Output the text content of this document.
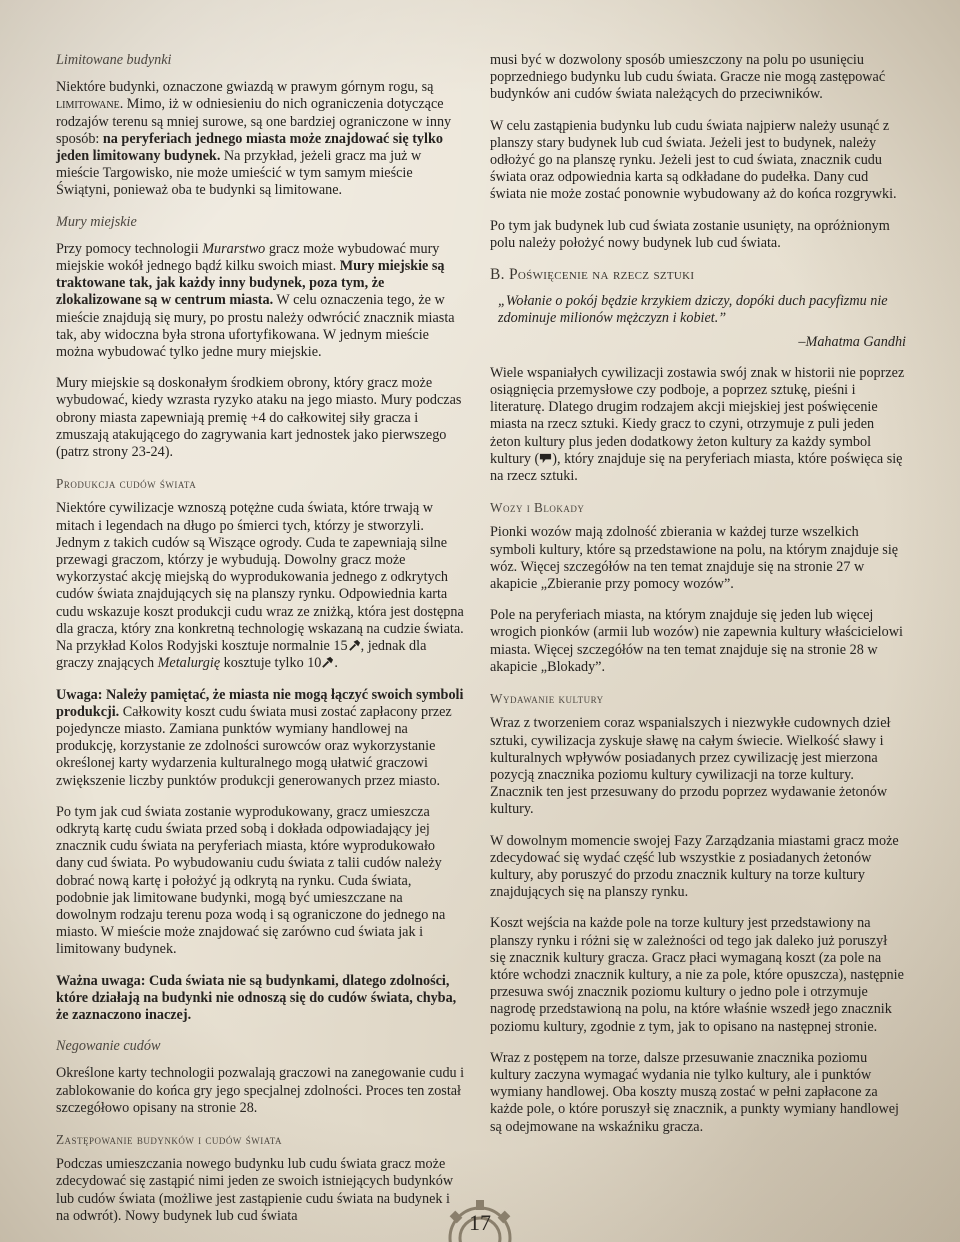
Limitowane budynki

Niektóre budynki, oznaczone gwiazdą w prawym górnym rogu, są limitowane. Mimo, iż w odniesieniu do nich ograniczenia dotyczące rodzajów terenu są mniej surowe, są one bardziej ograniczone w inny sposób: na peryferiach jednego miasta może znajdować się tylko jeden limitowany budynek. Na przykład, jeżeli gracz ma już w mieście Targowisko, nie może umieścić w tym samym mieście Świątyni, ponieważ oba te budynki są limitowane.

Mury miejskie

Przy pomocy technologii Murarstwo gracz może wybudować mury miejskie wokół jednego bądź kilku swoich miast. Mury miejskie są traktowane tak, jak każdy inny budynek, poza tym, że zlokalizowane są w centrum miasta. W celu oznaczenia tego, że w mieście znajdują się mury, po prostu należy odwrócić znacznik miasta tak, aby widoczna była strona ufortyfikowana. W jednym mieście można wybudować tylko jedne mury miejskie.

Mury miejskie są doskonałym środkiem obrony, który gracz może wybudować, kiedy wzrasta ryzyko ataku na jego miasto. Mury podczas obrony miasta zapewniają premię +4 do całkowitej siły gracza i zmuszają atakującego do zagrywania kart jednostek jako pierwszego (patrz strony 23-24).

Produkcja cudów świata

Niektóre cywilizacje wznoszą potężne cuda świata, które trwają w mitach i legendach na długo po śmierci tych, którzy je stworzyli. Jednym z takich cudów są Wiszące ogrody. Cuda te zapewniają silne przewagi graczom, którzy je wybudują. Dowolny gracz może wykorzystać akcję miejską do wyprodukowania jednego z odkrytych cudów świata znajdujących się na planszy rynku. Odpowiednia karta cudu wskazuje koszt produkcji cudu wraz ze zniżką, która jest dostępna dla gracza, który zna konkretną technologię wskazaną na cudzie świata. Na przykład Kolos Rodyjski kosztuje normalnie 15 , jednak dla graczy znających Metalurgię kosztuje tylko 10 .

Uwaga: Należy pamiętać, że miasta nie mogą łączyć swoich symboli produkcji. Całkowity koszt cudu świata musi zostać zapłacony przez pojedyncze miasto. Zamiana punktów wymiany handlowej na produkcję, korzystanie ze zdolności surowców oraz wykorzystanie określonej karty wydarzenia kulturalnego mogą ułatwić graczowi zwiększenie liczby punktów produkcji generowanych przez miasto.

Po tym jak cud świata zostanie wyprodukowany, gracz umieszcza odkrytą kartę cudu świata przed sobą i dokłada odpowiadający jej znacznik cudu świata na peryferiach miasta, które wyprodukowało dany cud świata. Po wybudowaniu cudu świata z talii cudów należy dobrać nową kartę i położyć ją odkrytą na rynku. Cuda świata, podobnie jak limitowane budynki, mogą być umieszczane na dowolnym rodzaju terenu poza wodą i są ograniczone do jednego na miasto. W mieście może znajdować się zarówno cud świata jak i limitowany budynek.

Ważna uwaga: Cuda świata nie są budynkami, dlatego zdolności, które działają na budynki nie odnoszą się do cudów świata, chyba, że zaznaczono inaczej.

Negowanie cudów

Określone karty technologii pozwalają graczowi na zanegowanie cudu i zablokowanie do końca gry jego specjalnej zdolności. Proces ten został szczegółowo opisany na stronie 28.

Zastępowanie budynków i cudów świata

Podczas umieszczania nowego budynku lub cudu świata gracz może zdecydować się zastąpić nimi jeden ze swoich istniejących budynków lub cudów świata (możliwe jest zastąpienie cudu świata na budynek i na odwrót). Nowy budynek lub cud świata

musi być w dozwolony sposób umieszczony na polu po usunięciu poprzedniego budynku lub cudu świata. Gracze nie mogą zastępować budynków ani cudów świata należących do przeciwników.

W celu zastąpienia budynku lub cudu świata najpierw należy usunąć z planszy stary budynek lub cud świata. Jeżeli jest to budynek, należy odłożyć go na planszę rynku. Jeżeli jest to cud świata, znacznik cudu świata oraz odpowiednia karta są odkładane do pudełka. Dany cud świata nie może zostać ponownie wybudowany aż do końca rozgrywki.

Po tym jak budynek lub cud świata zostanie usunięty, na opróżnionym polu należy położyć nowy budynek lub cud świata.

B. Poświęcenie na rzecz sztuki
„Wołanie o pokój będzie krzykiem dziczy, dopóki duch pacyfizmu nie zdominuje milionów mężczyzn i kobiet.”
–Mahatma Gandhi

Wiele wspaniałych cywilizacji zostawia swój znak w historii nie poprzez osiągnięcia przemysłowe czy podboje, a poprzez sztukę, pieśni i literaturę. Dlatego drugim rodzajem akcji miejskiej jest poświęcenie miasta na rzecz sztuki. Kiedy gracz to czyni, otrzymuje z puli jeden żeton kultury plus jeden dodatkowy żeton kultury za każdy symbol kultury ( ), który znajduje się na peryferiach miasta, które poświęca się na rzecz sztuki.

Wozy i Blokady

Pionki wozów mają zdolność zbierania w każdej turze wszelkich symboli kultury, które są przedstawione na polu, na którym znajduje się wóz. Więcej szczegółów na ten temat znajduje się na stronie 27 w akapicie „Zbieranie przy pomocy wozów”.

Pole na peryferiach miasta, na którym znajduje się jeden lub więcej wrogich pionków (armii lub wozów) nie zapewnia kultury właścicielowi miasta. Więcej szczegółów na ten temat znajduje się na stronie 28 w akapicie „Blokady”.

Wydawanie kultury

Wraz z tworzeniem coraz wspanialszych i niezwykłe cudownych dzieł sztuki, cywilizacja zyskuje sławę na całym świecie. Wielkość sławy i kulturalnych wpływów posiadanych przez cywilizację jest mierzona pozycją znacznika poziomu kultury cywilizacji na torze kultury. Znacznik ten jest przesuwany do przodu poprzez wydawanie żetonów kultury.

W dowolnym momencie swojej Fazy Zarządzania miastami gracz może zdecydować się wydać część lub wszystkie z posiadanych żetonów kultury, aby poruszyć do przodu znacznik kultury na torze kultury znajdujących się na planszy rynku.

Koszt wejścia na każde pole na torze kultury jest przedstawiony na planszy rynku i różni się w zależności od tego jak daleko już poruszył się znacznik kultury gracza. Gracz płaci wymaganą koszt (za pole na które wchodzi znacznik kultury, a nie za pole, które opuszcza), następnie przesuwa swój znacznik poziomu kultury o jedno pole i otrzymuje nagrodę przedstawioną na polu, na które właśnie wszedł jego znacznik poziomu kultury, zgodnie z tym, jak to opisano na następnej stronie.

Wraz z postępem na torze, dalsze przesuwanie znacznika poziomu kultury zaczyna wymagać wydania nie tylko kultury, ale i punktów wymiany handlowej. Oba koszty muszą zostać w pełni zapłacone za każde pole, o które poruszył się znacznik, a punkty wymiany handlowej są odejmowane na wskaźniku gracza.

17
